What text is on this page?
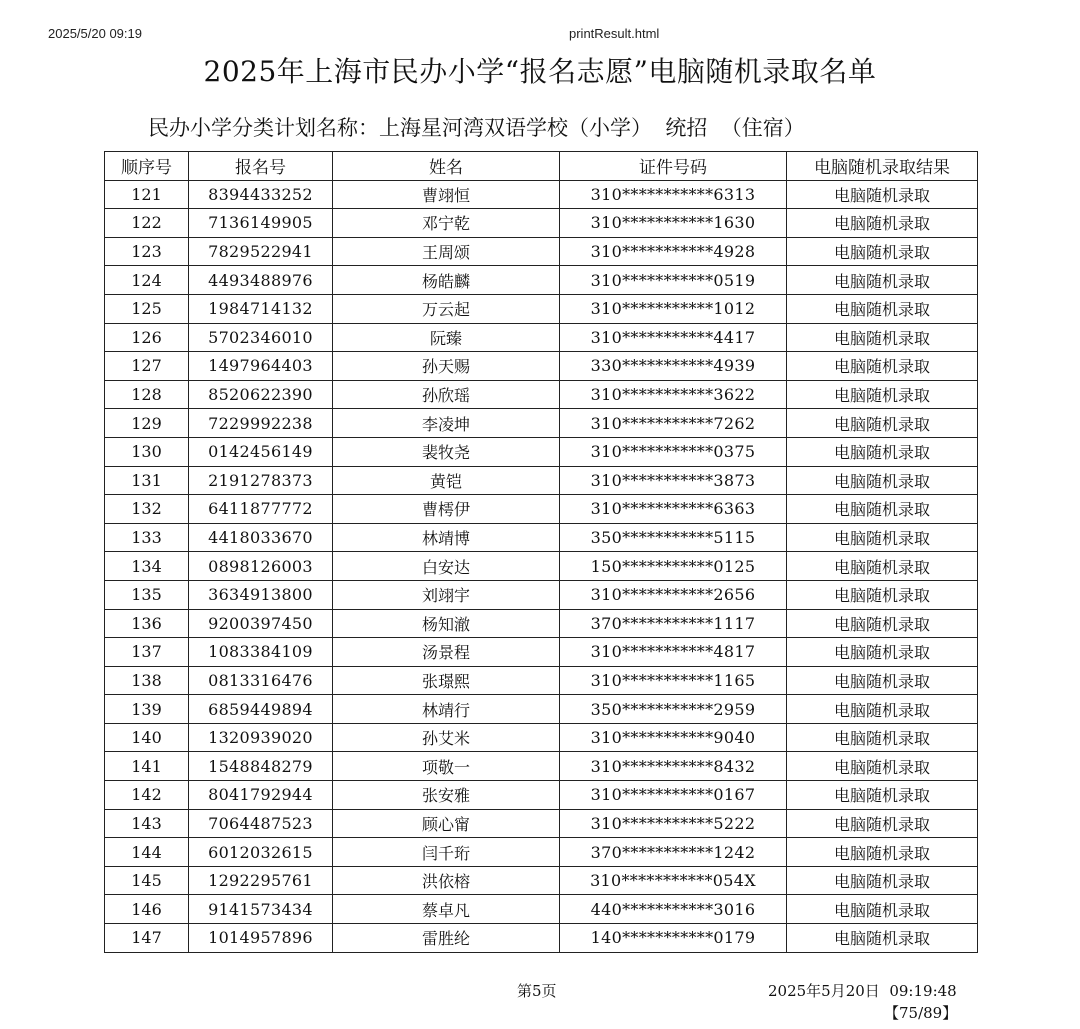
2025/5/20 09:19	printResult.html
2025年上海市民办小学“报名志愿”电脑随机录取名单
民办小学分类计划名称：上海星河湾双语学校（小学）  统招  （住宿）
顺序号	报名号	姓名	证件号码	电脑随机录取结果
121	8394433252	曹翊恒	310***********6313	电脑随机录取
122	7136149905	邓宁乾	310***********1630	电脑随机录取
123	7829522941	王周颂	310***********4928	电脑随机录取
124	4493488976	杨皓麟	310***********0519	电脑随机录取
125	1984714132	万云起	310***********1012	电脑随机录取
126	5702346010	阮臻	310***********4417	电脑随机录取
127	1497964403	孙天赐	330***********4939	电脑随机录取
128	8520622390	孙欣瑶	310***********3622	电脑随机录取
129	7229992238	李凌坤	310***********7262	电脑随机录取
130	0142456149	裴牧尧	310***********0375	电脑随机录取
131	2191278373	黄铠	310***********3873	电脑随机录取
132	6411877772	曹樗伊	310***********6363	电脑随机录取
133	4418033670	林靖博	350***********5115	电脑随机录取
134	0898126003	白安达	150***********0125	电脑随机录取
135	3634913800	刘翊宇	310***********2656	电脑随机录取
136	9200397450	杨知澈	370***********1117	电脑随机录取
137	1083384109	汤景程	310***********4817	电脑随机录取
138	0813316476	张璟熙	310***********1165	电脑随机录取
139	6859449894	林靖行	350***********2959	电脑随机录取
140	1320939020	孙艾米	310***********9040	电脑随机录取
141	1548848279	项敬一	310***********8432	电脑随机录取
142	8041792944	张安雅	310***********0167	电脑随机录取
143	7064487523	顾心甯	310***********5222	电脑随机录取
144	6012032615	闫千珩	370***********1242	电脑随机录取
145	1292295761	洪依榕	310***********054X	电脑随机录取
146	9141573434	蔡卓凡	440***********3016	电脑随机录取
147	1014957896	雷胜纶	140***********0179	电脑随机录取
第5页	2025年5月20日  09:19:48
【75/89】
